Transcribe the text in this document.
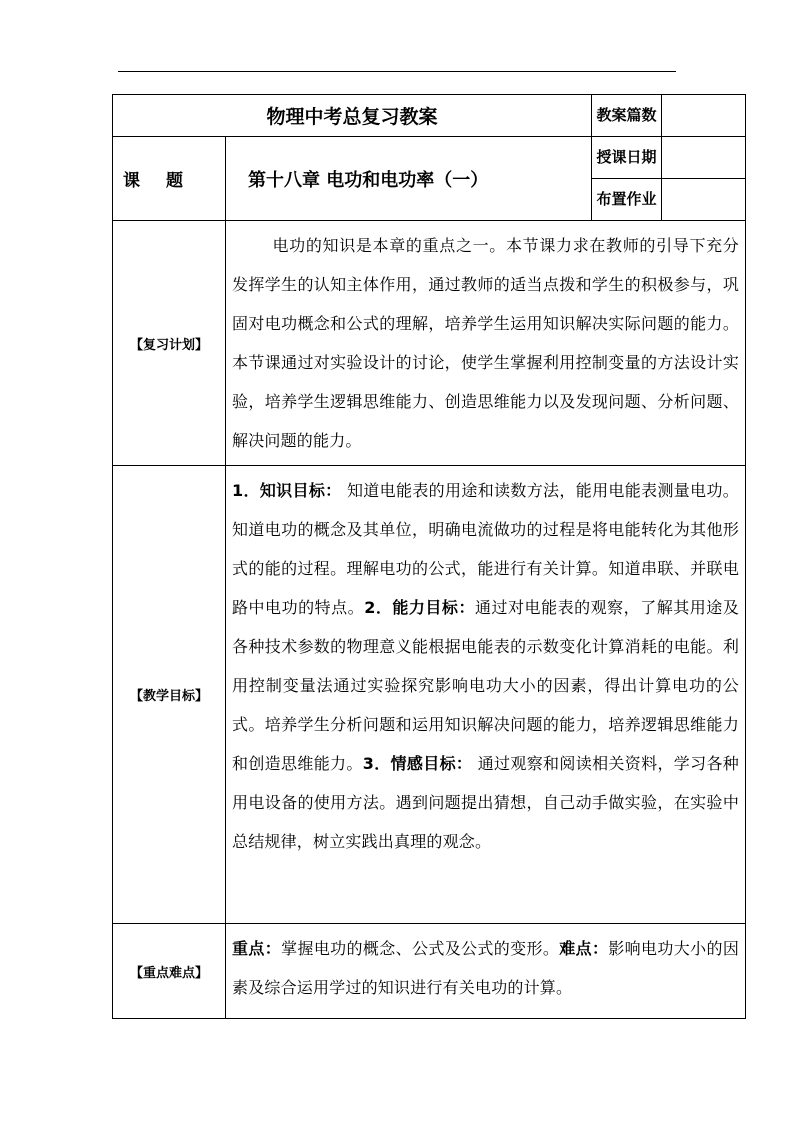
物理中考总复习教案		教案篇数	
课 题	第十八章 电功和电功率（一）	授课日期	
		布置作业	
【复习计划】	电功的知识是本章的重点之一。本节课力求在教师的引导下充分发挥学生的认知主体作用，通过教师的适当点拨和学生的积极参与，巩固对电功概念和公式的理解，培养学生运用知识解决实际问题的能力。本节课通过对实验设计的讨论，使学生掌握利用控制变量的方法设计实验，培养学生逻辑思维能力、创造思维能力以及发现问题、分析问题、解决问题的能力。		
【教学目标】	1．知识目标： 知道电能表的用途和读数方法，能用电能表测量电功。知道电功的概念及其单位，明确电流做功的过程是将电能转化为其他形式的能的过程。理解电功的公式，能进行有关计算。知道串联、并联电路中电功的特点。2．能力目标：通过对电能表的观察，了解其用途及各种技术参数的物理意义能根据电能表的示数变化计算消耗的电能。利用控制变量法通过实验探究影响电功大小的因素，得出计算电功的公式。培养学生分析问题和运用知识解决问题的能力，培养逻辑思维能力和创造思维能力。3．情感目标： 通过观察和阅读相关资料，学习各种用电设备的使用方法。遇到问题提出猜想，自己动手做实验，在实验中总结规律，树立实践出真理的观念。		
【重点难点】	重点：掌握电功的概念、公式及公式的变形。难点：影响电功大小的因素及综合运用学过的知识进行有关电功的计算。		
